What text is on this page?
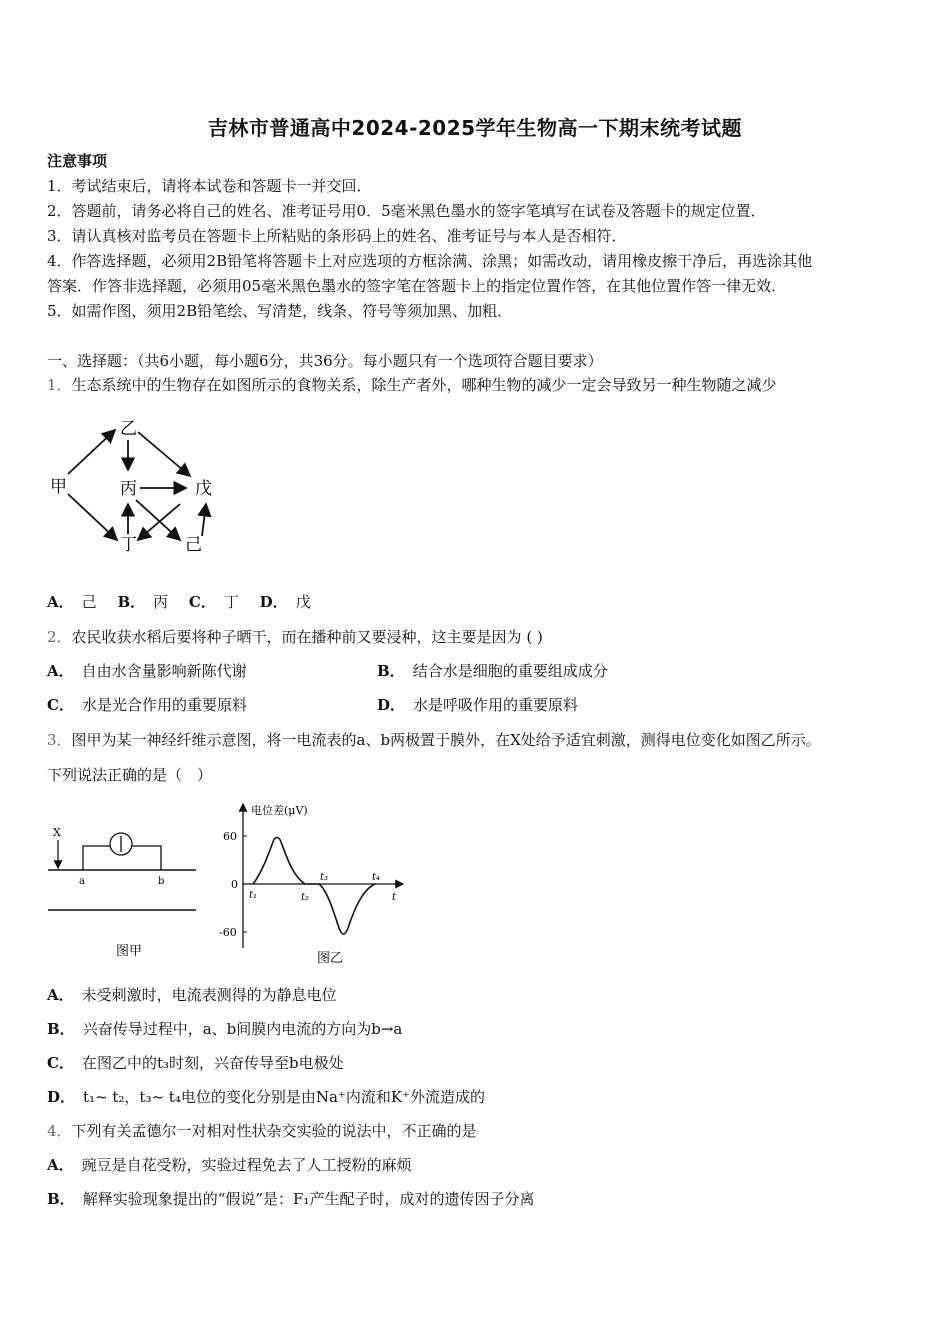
吉林市普通高中2024-2025学年生物高一下期末统考试题
注意事项
1．考试结束后，请将本试卷和答题卡一并交回．
2．答题前，请务必将自己的姓名、准考证号用0．5毫米黑色墨水的签字笔填写在试卷及答题卡的规定位置．
3．请认真核对监考员在答题卡上所粘贴的条形码上的姓名、准考证号与本人是否相符．
4．作答选择题，必须用2B铅笔将答题卡上对应选项的方框涂满、涂黑；如需改动，请用橡皮擦干净后，再选涂其他
答案．作答非选择题，必须用05毫米黑色墨水的签字笔在答题卡上的指定位置作答，在其他位置作答一律无效．
5．如需作图，须用2B铅笔绘、写清楚，线条、符号等须加黑、加粗．
一、选择题：（共6小题，每小题6分，共36分。每小题只有一个选项符合题目要求）
1．生态系统中的生物存在如图所示的食物关系，除生产者外，哪种生物的减少一定会导致另一种生物随之减少
甲
乙
丙	戊
丁	己
A． 己 B． 丙 C． 丁 D． 戊
2．农民收获水稻后要将种子晒干，而在播种前又要浸种，这主要是因为 ( )
A． 自由水含量影响新陈代谢	B． 结合水是细胞的重要组成成分
C． 水是光合作用的重要原料	D． 水是呼吸作用的重要原料
3．图甲为某一神经纤维示意图，将一电流表的a、b两极置于膜外，在X处给予适宜刺激，测得电位变化如图乙所示。
下列说法正确的是（　）
X
a	b
图甲
电位差(μV)
60
0
-60
t₁	t₂
t₃	t₄
t
图乙
A． 未受刺激时，电流表测得的为静息电位
B． 兴奋传导过程中，a、b间膜内电流的方向为b→a
C． 在图乙中的t₃时刻，兴奋传导至b电极处
D． t₁~ t₂，t₃~ t₄电位的变化分别是由Na⁺内流和K⁺外流造成的
4．下列有关孟德尔一对相对性状杂交实验的说法中，不正确的是
A． 豌豆是自花受粉，实验过程免去了人工授粉的麻烦
B． 解释实验现象提出的“假说”是：F₁产生配子时，成对的遗传因子分离
